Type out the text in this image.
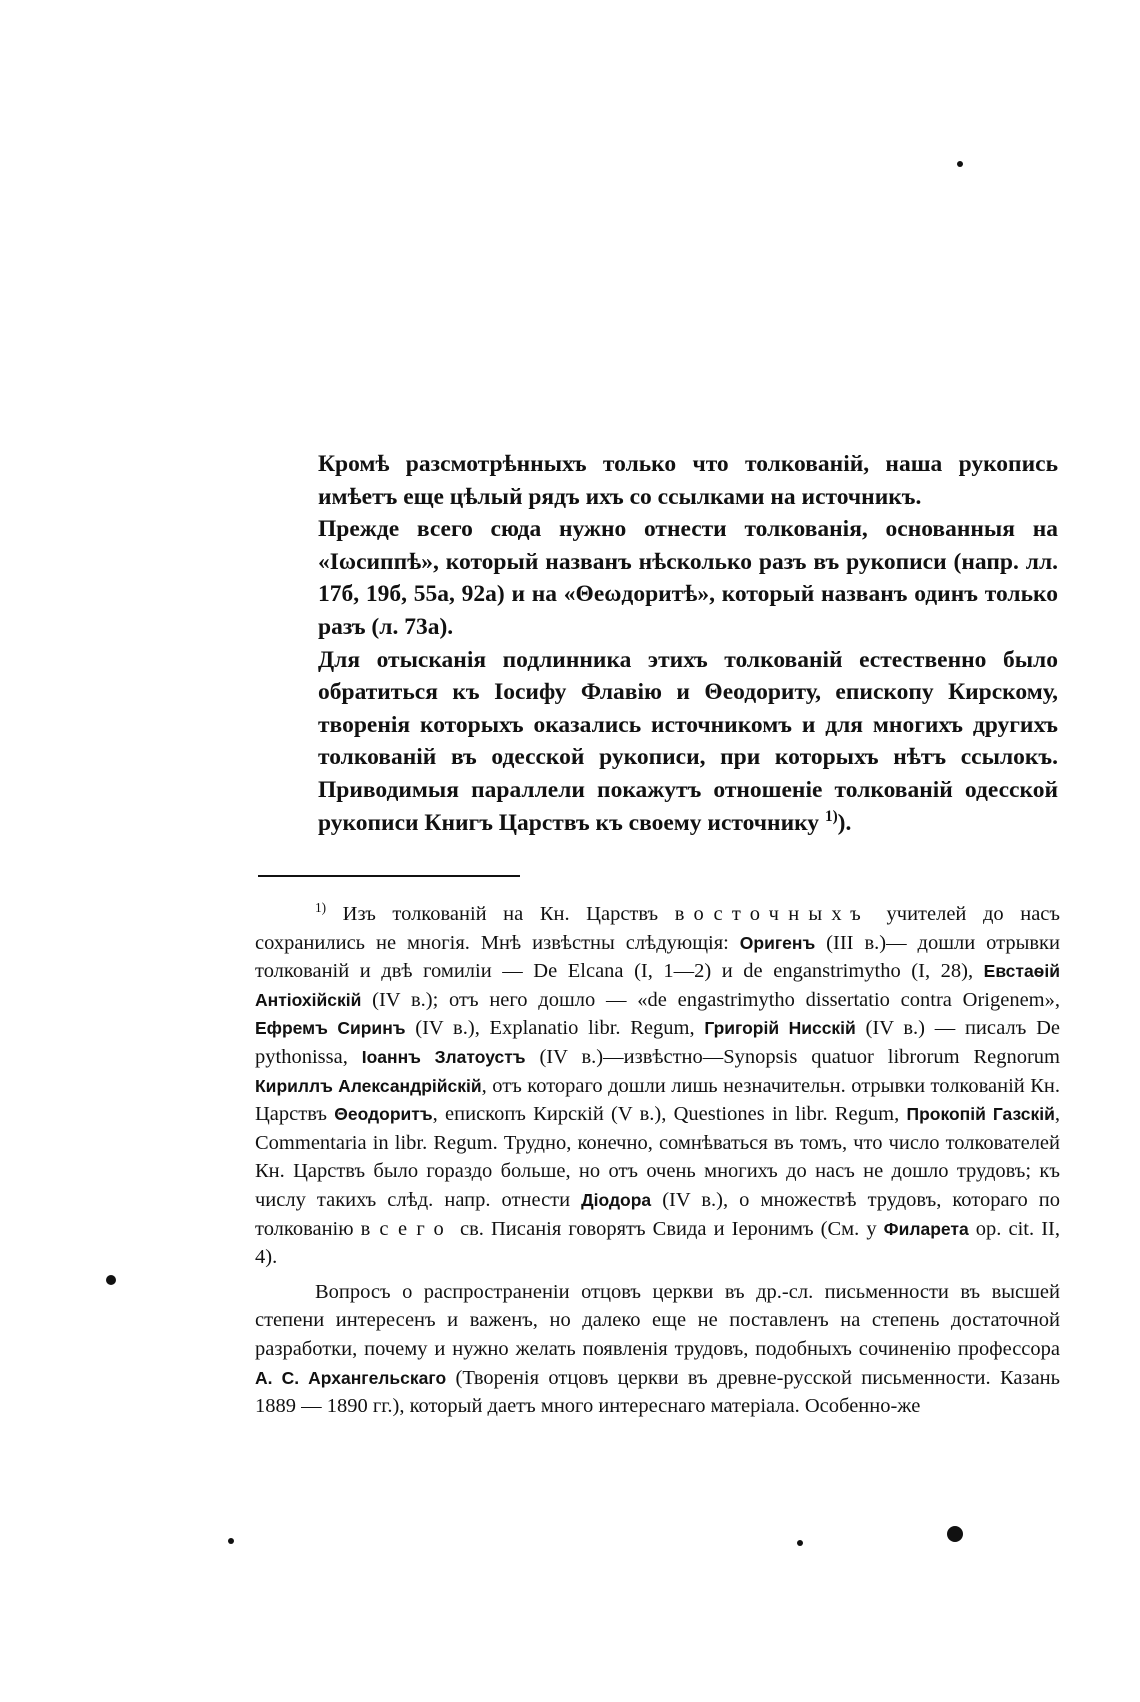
Кромѣ разсмотрѣнныхъ только что толкованій, наша рукопись имѣетъ еще цѣлый рядъ ихъ со ссылками на источникъ.

Прежде всего сюда нужно отнести толкованія, основанныя на «Ιωсиппѣ», который названъ нѣсколько разъ въ рукописи (напр. лл. 17б, 19б, 55а, 92а) и на «Θеωдоритѣ», который названъ одинъ только разъ (л. 73а).

Для отысканія подлинника этихъ толкованій естественно было обратиться къ Іосифу Флавію и Θеодориту, епископу Кирскому, творенія которыхъ оказались источникомъ и для многихъ другихъ толкованій въ одесской рукописи, при которыхъ нѣтъ ссылокъ. Приводимыя параллели покажутъ отношеніе толкованій одесской рукописи Книгъ Царствъ къ своему источнику $^{1)}$).

$^{1)}$ Изъ толкованій на Кн. Царствъ восточныхъ учителей до насъ сохранились не многія. Мнѣ извѣстны слѣдующія: Оригенъ (III в.)— дошли отрывки толкованій и двѣ гомиліи — De Elcana (I, 1—2) и de enganstrimytho (I, 28), Евстаѳій Антіохійскій (IV в.); отъ него дошло — «de engastrimytho dissertatio contra Origenem», Ефремъ Сиринъ (IV в.), Explanatio libr. Regum, Григорій Нисскій (IV в.) — писалъ De pythonissa, Іоаннъ Златоустъ (IV в.)—извѣстно—Synopsis quatuor librorum Regnorum Кириллъ Александрійскій, отъ котораго дошли лишь незначительн. отрывки толкованій Кн. Царствъ Θеодоритъ, епископъ Кирскій (V в.), Questiones in libr. Regum, Прокопій Газскій, Commentaria in libr. Regum. Трудно, конечно, сомнѣваться въ томъ, что число толкователей Кн. Царствъ было гораздо больше, но отъ очень многихъ до насъ не дошло трудовъ; къ числу такихъ слѣд. напр. отнести Діодора (IV в.), о множествѣ трудовъ, котораго по толкованію всего св. Писанія говорятъ Свида и Іеронимъ (См. у Филарета op. cit. II, 4).

Вопросъ о распространеніи отцовъ церкви въ др.-сл. письменности въ высшей степени интересенъ и важенъ, но далеко еще не поставленъ на степень достаточной разработки, почему и нужно желать появленія трудовъ, подобныхъ сочиненію профессора А. С. Архангельскаго (Творенія отцовъ церкви въ древне-русской письменности. Казань 1889 — 1890 гг.), который даетъ много интереснаго матеріала. Особенно-же
